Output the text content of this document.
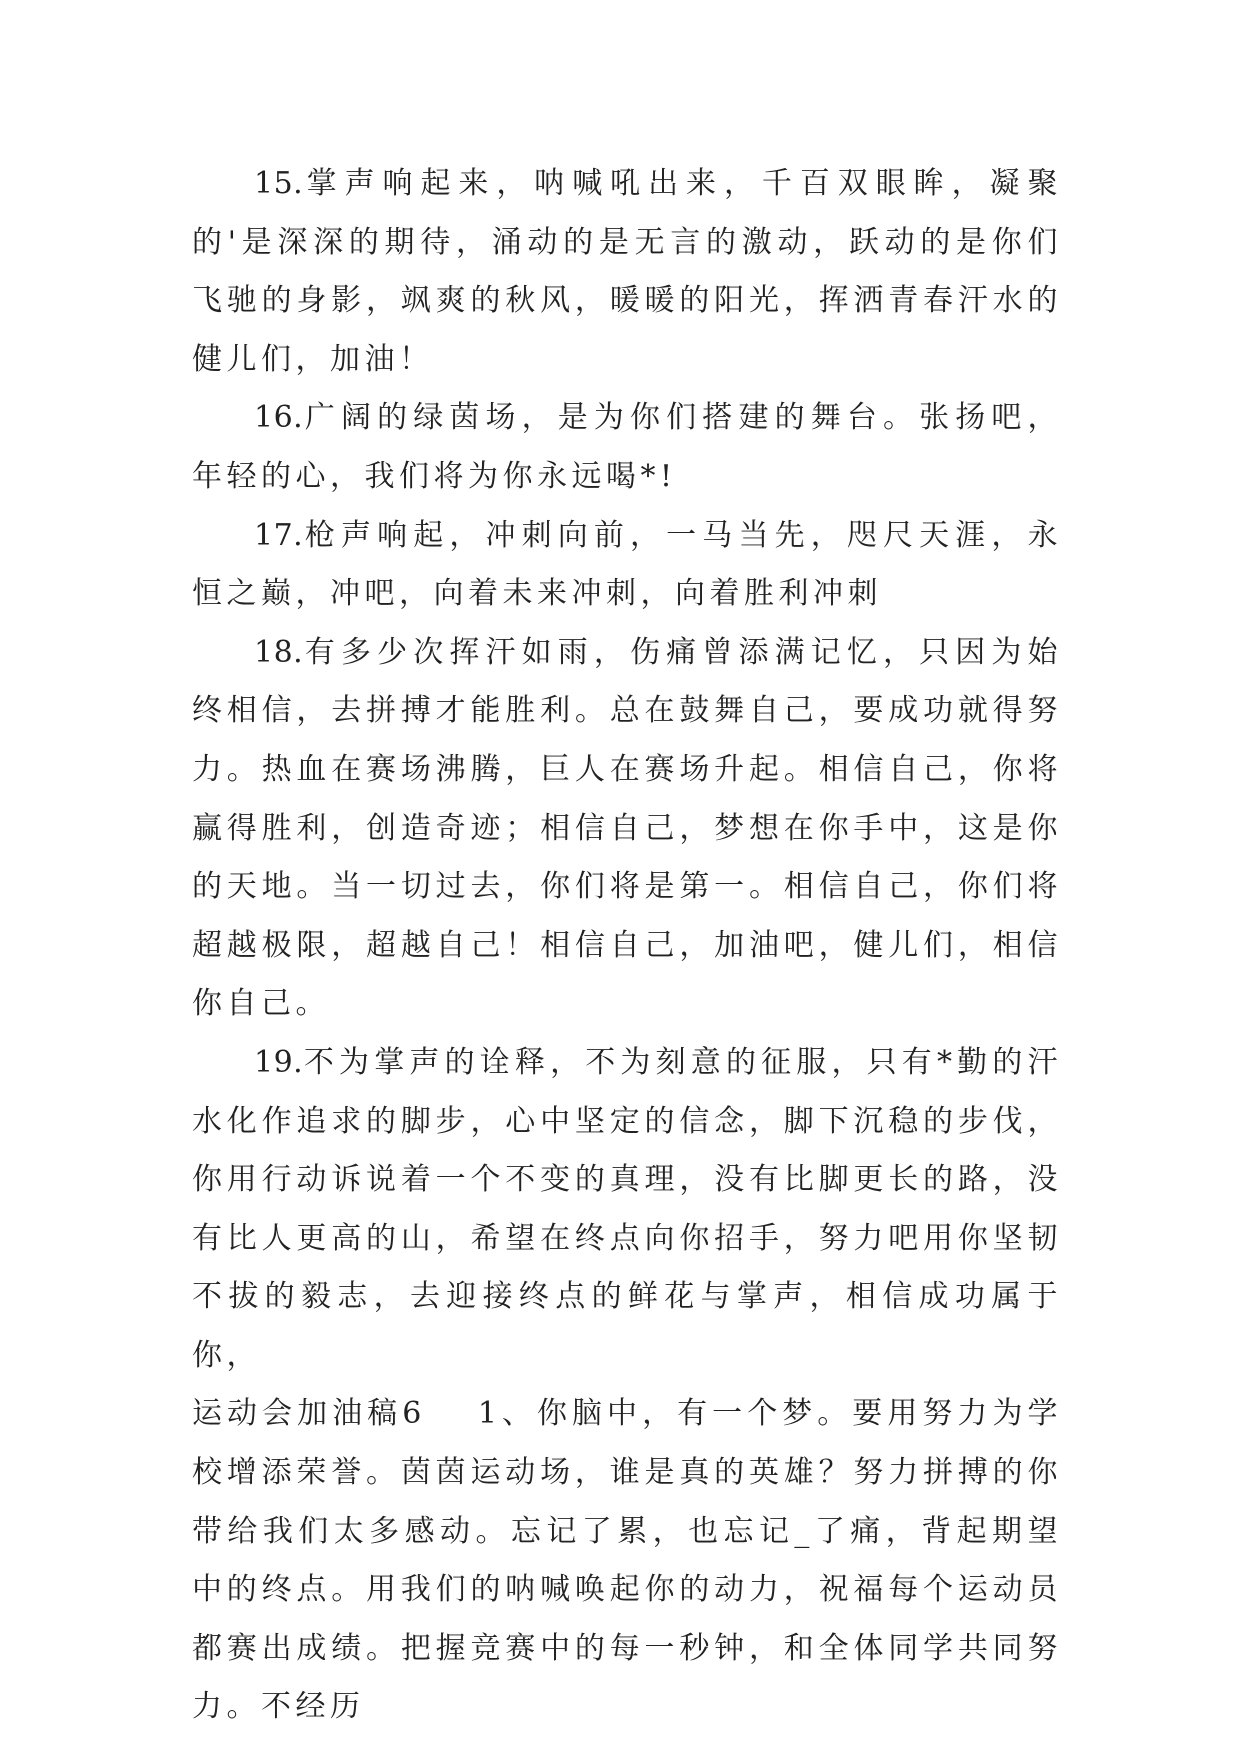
15.掌声响起来，呐喊吼出来，千百双眼眸，凝聚的'是深深的期待，涌动的是无言的激动，跃动的是你们飞驰的身影，飒爽的秋风，暖暖的阳光，挥洒青春汗水的健儿们，加油！

16.广阔的绿茵场，是为你们搭建的舞台。张扬吧，年轻的心，我们将为你永远喝*!

17.枪声响起，冲刺向前，一马当先，咫尺天涯，永恒之巅，冲吧，向着未来冲刺，向着胜利冲刺

18.有多少次挥汗如雨，伤痛曾添满记忆，只因为始终相信，去拼搏才能胜利。总在鼓舞自己，要成功就得努力。热血在赛场沸腾，巨人在赛场升起。相信自己，你将赢得胜利，创造奇迹；相信自己，梦想在你手中，这是你的天地。当一切过去，你们将是第一。相信自己，你们将超越极限，超越自己！相信自己，加油吧，健儿们，相信你自己。

19.不为掌声的诠释，不为刻意的征服，只有*勤的汗水化作追求的脚步，心中坚定的信念，脚下沉稳的步伐，你用行动诉说着一个不变的真理，没有比脚更长的路，没有比人更高的山，希望在终点向你招手，努力吧用你坚韧不拔的毅志，去迎接终点的鲜花与掌声，相信成功属于你，

运动会加油稿6 1、你脑中，有一个梦。要用努力为学校增添荣誉。茵茵运动场，谁是真的英雄？努力拼搏的你带给我们太多感动。忘记了累，也忘记_了痛，背起期望中的终点。用我们的呐喊唤起你的动力，祝福每个运动员都赛出成绩。把握竞赛中的每一秒钟，和全体同学共同努力。不经历
